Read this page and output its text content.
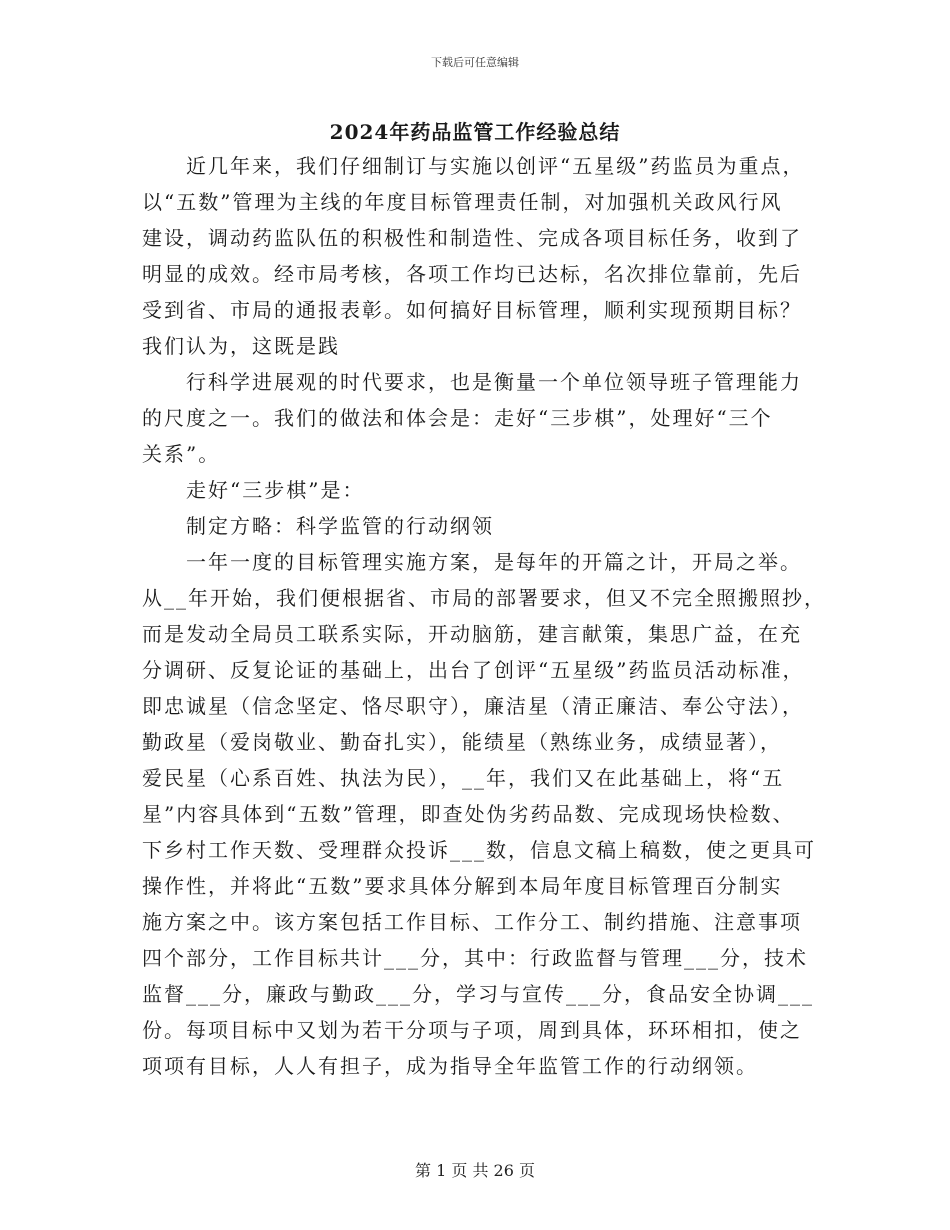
下载后可任意编辑
2024年药品监管工作经验总结
　　近几年来，我们仔细制订与实施以创评“五星级”药监员为重点，
以“五数”管理为主线的年度目标管理责任制，对加强机关政风行风
建设，调动药监队伍的积极性和制造性、完成各项目标任务，收到了
明显的成效。经市局考核，各项工作均已达标，名次排位靠前，先后
受到省、市局的通报表彰。如何搞好目标管理，顺利实现预期目标？
我们认为，这既是践
　　行科学进展观的时代要求，也是衡量一个单位领导班子管理能力
的尺度之一。我们的做法和体会是：走好“三步棋”，处理好“三个
关系”。
　　走好“三步棋”是：
　　制定方略：科学监管的行动纲领
　　一年一度的目标管理实施方案，是每年的开篇之计，开局之举。
从__年开始，我们便根据省、市局的部署要求，但又不完全照搬照抄，
而是发动全局员工联系实际，开动脑筋，建言献策，集思广益，在充
分调研、反复论证的基础上，出台了创评“五星级”药监员活动标准，
即忠诚星（信念坚定、恪尽职守），廉洁星（清正廉洁、奉公守法），
勤政星（爱岗敬业、勤奋扎实），能绩星（熟练业务，成绩显著），
爱民星（心系百姓、执法为民），__年，我们又在此基础上，将“五
星”内容具体到“五数”管理，即查处伪劣药品数、完成现场快检数、
下乡村工作天数、受理群众投诉___数，信息文稿上稿数，使之更具可
操作性，并将此“五数”要求具体分解到本局年度目标管理百分制实
施方案之中。该方案包括工作目标、工作分工、制约措施、注意事项
四个部分，工作目标共计___分，其中：行政监督与管理___分，技术
监督___分，廉政与勤政___分，学习与宣传___分，食品安全协调___
份。每项目标中又划为若干分项与子项，周到具体，环环相扣，使之
项项有目标，人人有担子，成为指导全年监管工作的行动纲领。
第 1 页 共 26 页
